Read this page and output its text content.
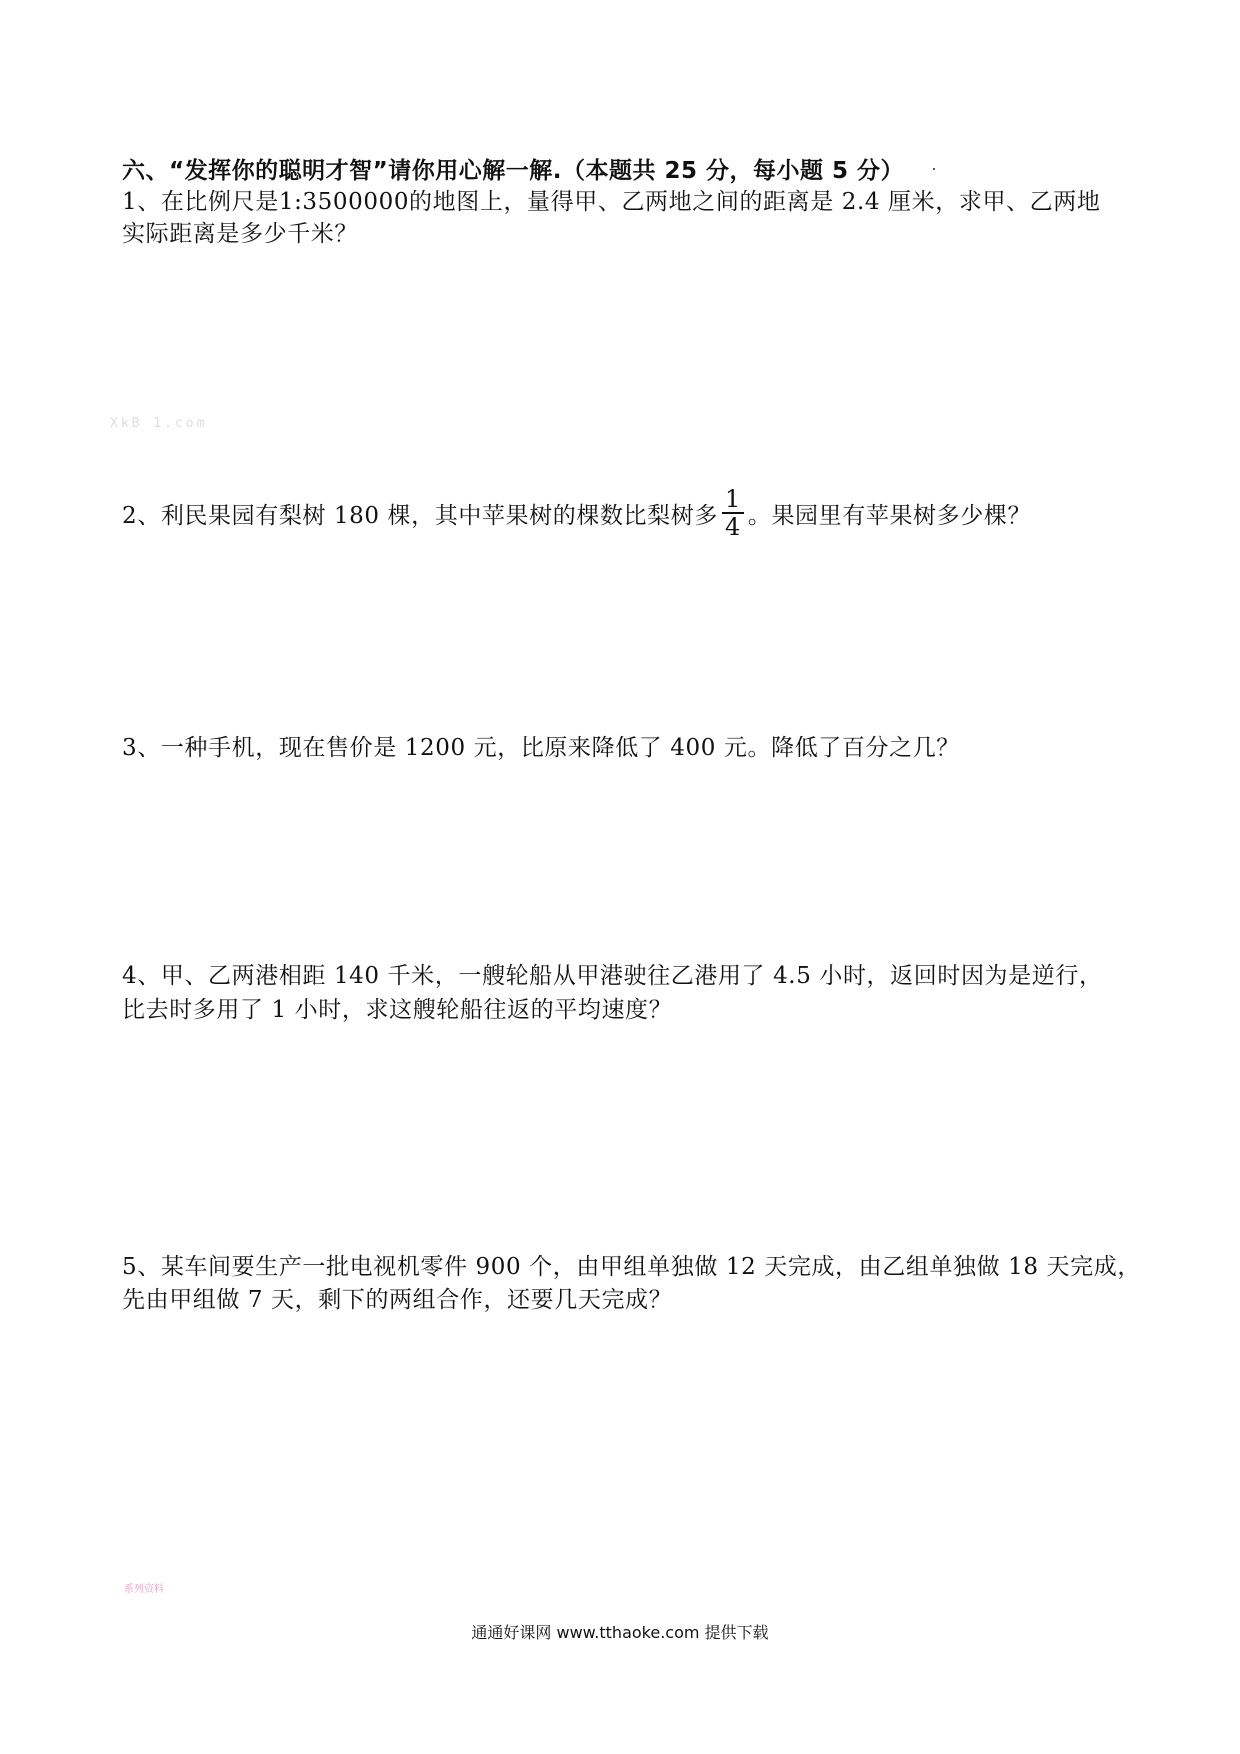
六、“发挥你的聪明才智”请你用心解一解.（本题共 25 分，每小题 5 分）
1、在比例尺是1:3500000的地图上，量得甲、乙两地之间的距离是 2.4 厘米，求甲、乙两地
实际距离是多少千米？
XkB 1.com
2、利民果园有梨树 180 棵，其中苹果树的棵数比梨树多 $\frac{1}{4}$ 。果园里有苹果树多少棵？
3、一种手机，现在售价是 1200 元，比原来降低了 400 元。降低了百分之几？
4、甲、乙两港相距 140 千米，一艘轮船从甲港驶往乙港用了 4.5 小时，返回时因为是逆行，
比去时多用了 1 小时，求这艘轮船往返的平均速度？
5、某车间要生产一批电视机零件 900 个，由甲组单独做 12 天完成，由乙组单独做 18 天完成，
先由甲组做 7 天，剩下的两组合作，还要几天完成？
系列资料
通通好课网 www.tthaoke.com 提供下载
